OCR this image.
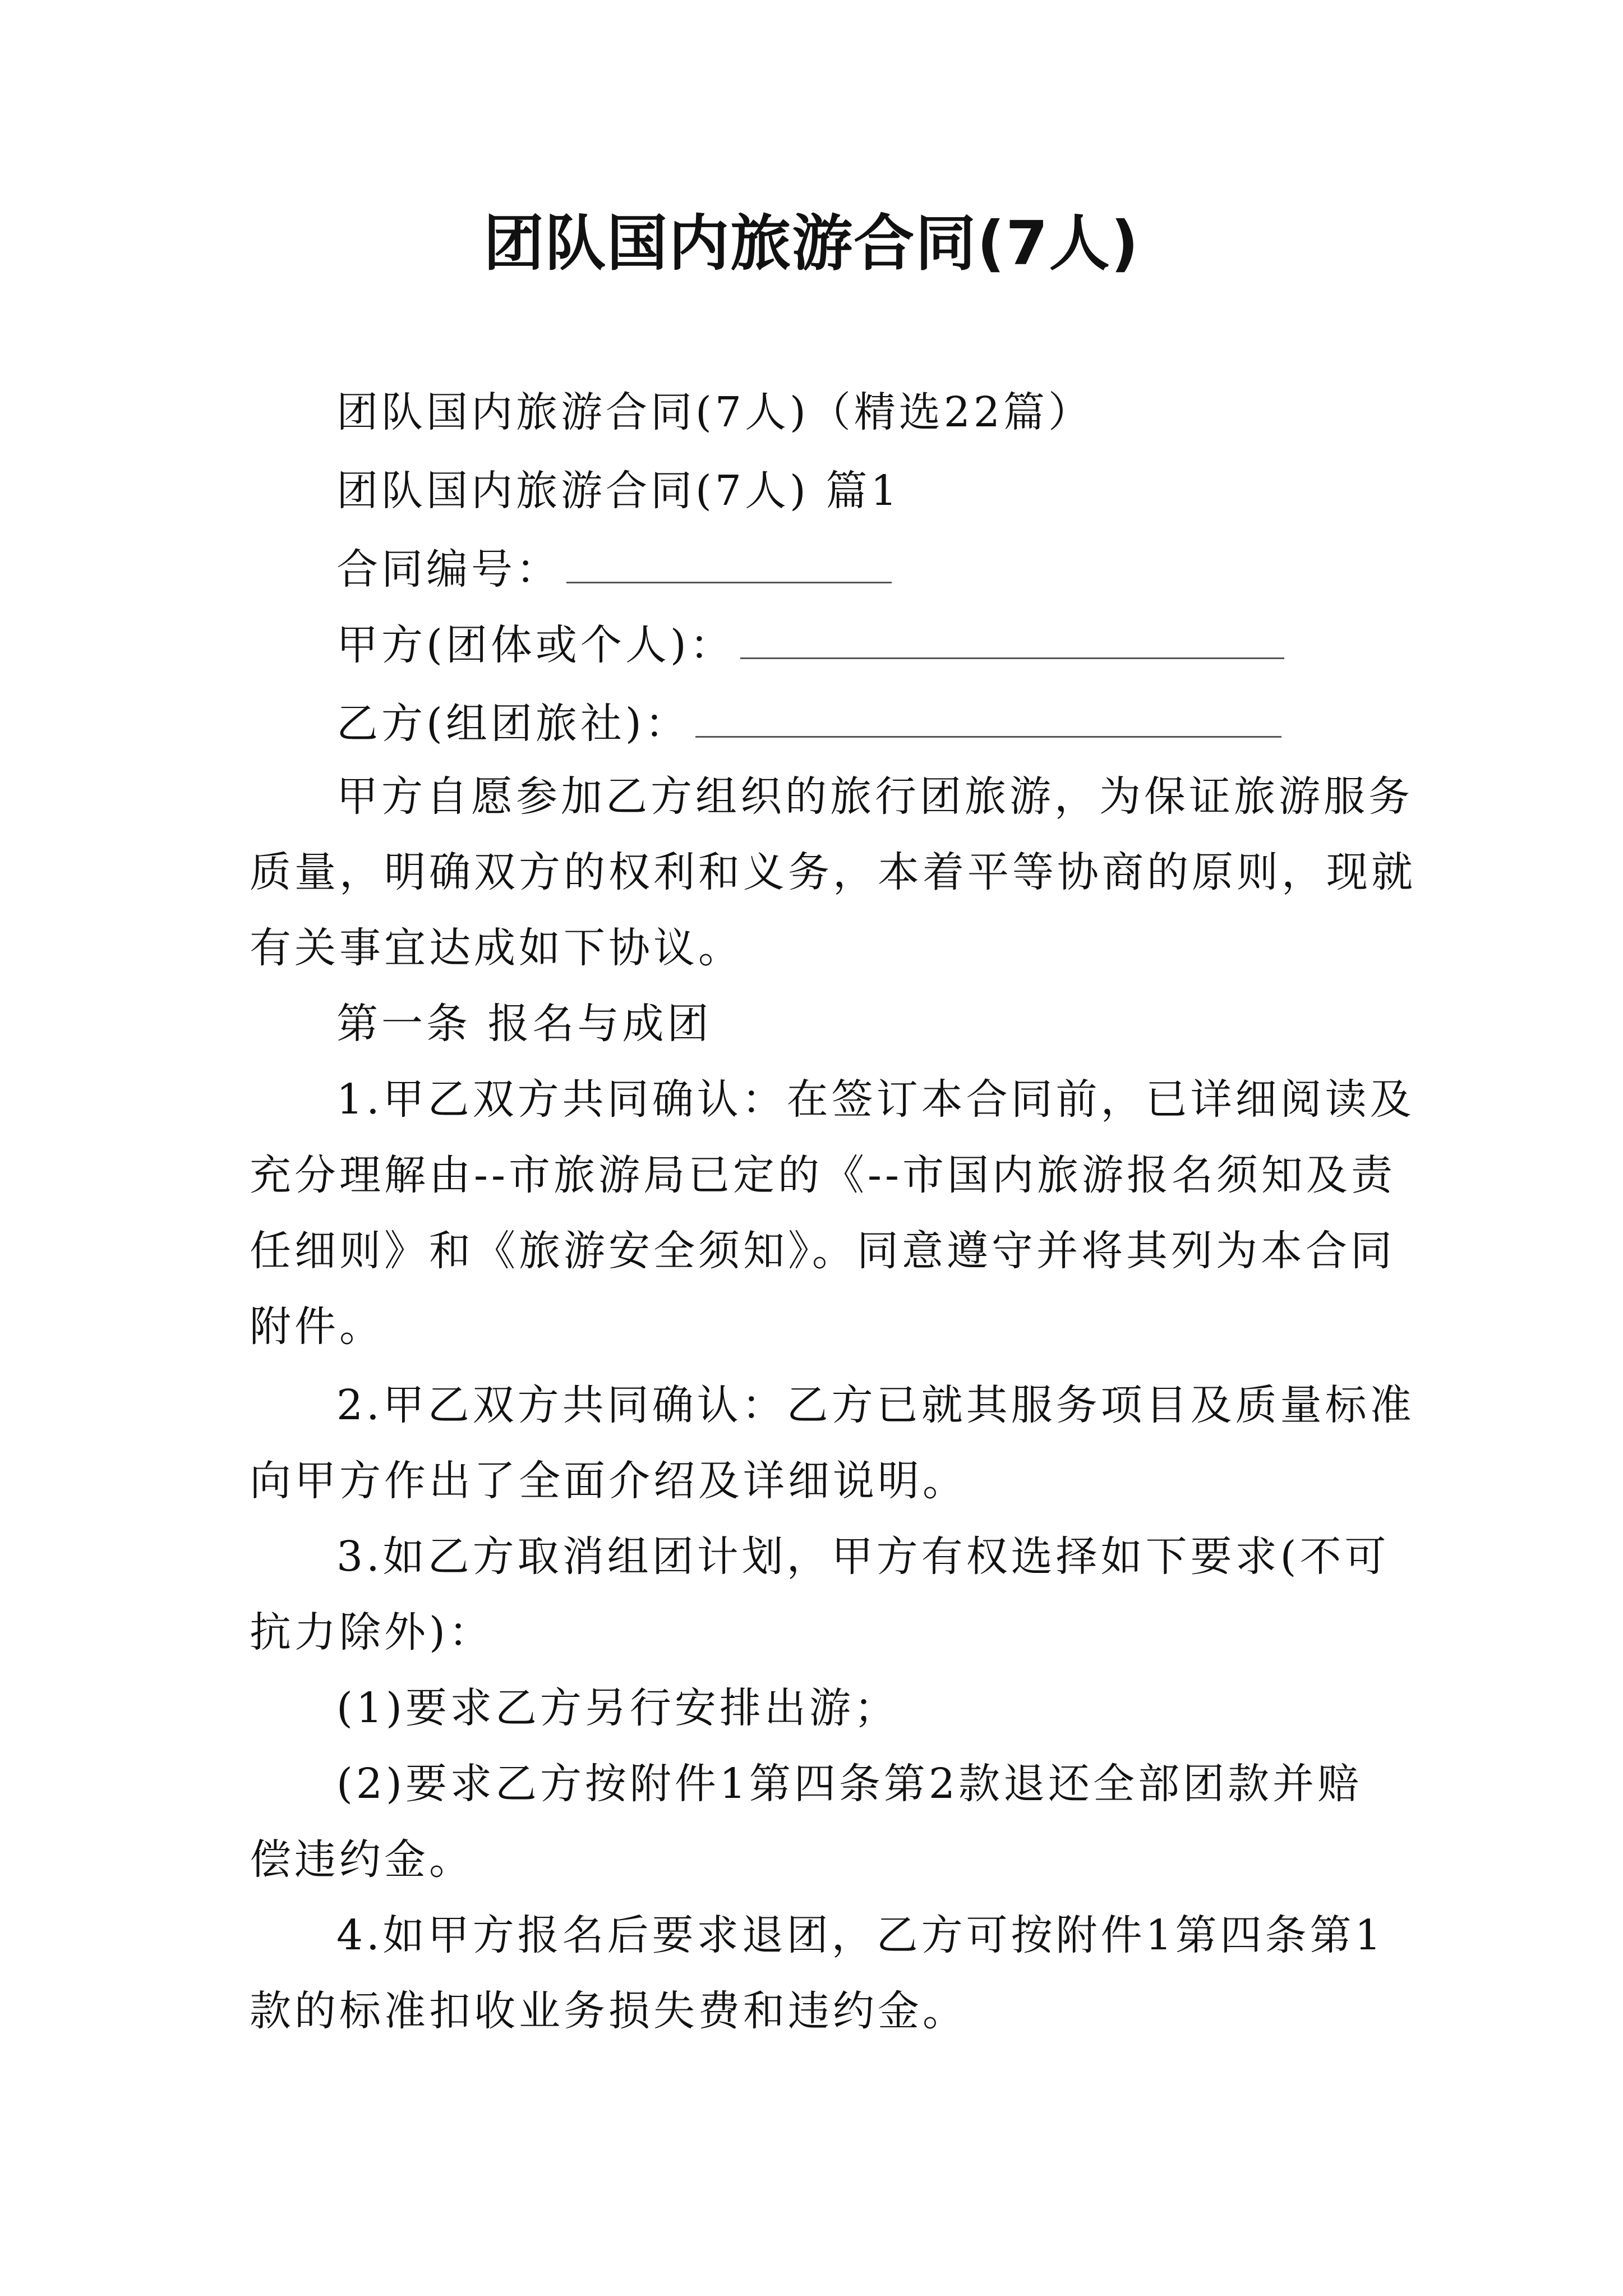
团队国内旅游合同(7人)
团队国内旅游合同(7人)（精选22篇）
团队国内旅游合同(7人) 篇1
合同编号：
甲方(团体或个人)：
乙方(组团旅社)：
甲方自愿参加乙方组织的旅行团旅游，为保证旅游服务
质量，明确双方的权利和义务，本着平等协商的原则，现就
有关事宜达成如下协议。
第一条 报名与成团
1.甲乙双方共同确认：在签订本合同前，已详细阅读及
充分理解由--市旅游局已定的《--市国内旅游报名须知及责
任细则》和《旅游安全须知》。同意遵守并将其列为本合同
附件。
2.甲乙双方共同确认：乙方已就其服务项目及质量标准
向甲方作出了全面介绍及详细说明。
3.如乙方取消组团计划，甲方有权选择如下要求(不可
抗力除外)：
(1)要求乙方另行安排出游；
(2)要求乙方按附件1第四条第2款退还全部团款并赔
偿违约金。
4.如甲方报名后要求退团，乙方可按附件1第四条第1
款的标准扣收业务损失费和违约金。
